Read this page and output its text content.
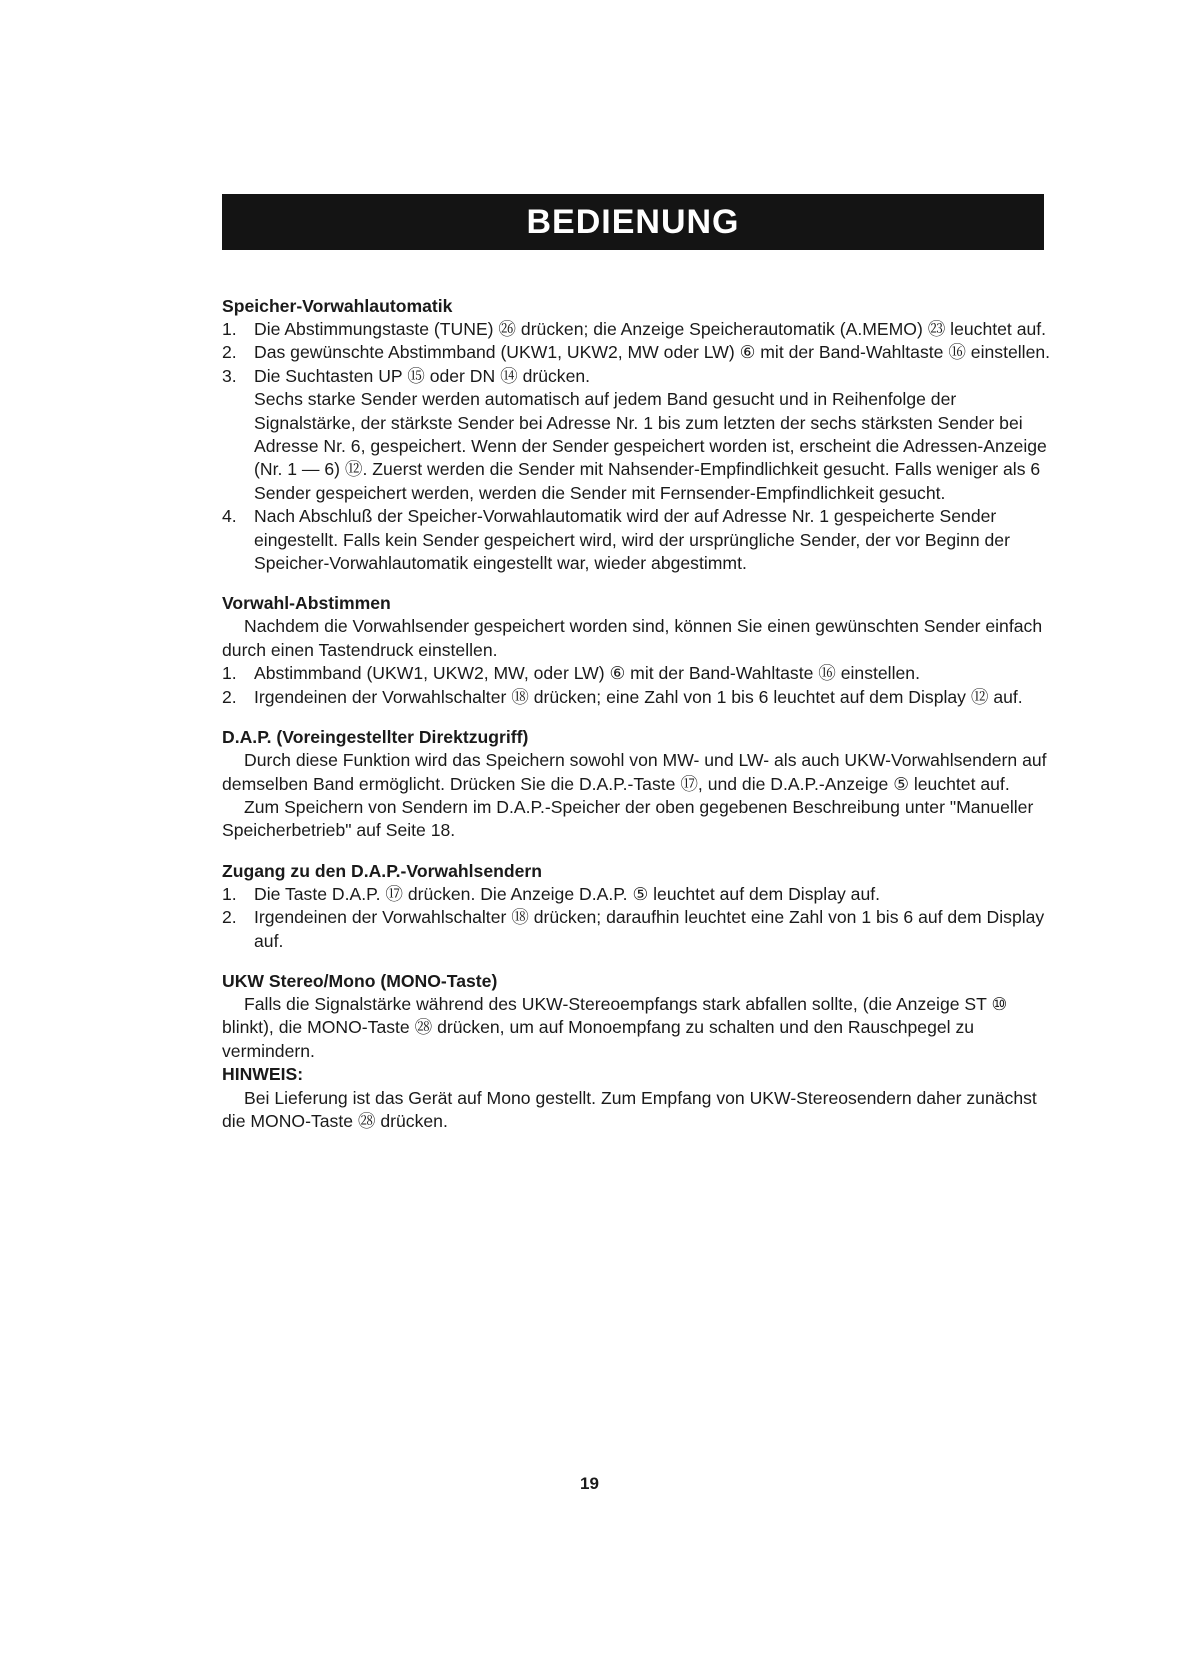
BEDIENUNG
Speicher-Vorwahlautomatik
1. Die Abstimmungstaste (TUNE) ㉖ drücken; die Anzeige Speicherautomatik (A.MEMO) ㉓ leuchtet auf.
2. Das gewünschte Abstimmband (UKW1, UKW2, MW oder LW) ⑥ mit der Band-Wahltaste ⑯ einstellen.
3. Die Suchtasten UP ⑮ oder DN ⑭ drücken.
Sechs starke Sender werden automatisch auf jedem Band gesucht und in Reihenfolge der Signalstärke, der stärkste Sender bei Adresse Nr. 1 bis zum letzten der sechs stärksten Sender bei Adresse Nr. 6, gespeichert. Wenn der Sender gespeichert worden ist, erscheint die Adressen-Anzeige (Nr. 1 — 6) ⑫. Zuerst werden die Sender mit Nahsender-Empfindlichkeit gesucht. Falls weniger als 6 Sender gespeichert werden, werden die Sender mit Fernsender-Empfindlichkeit gesucht.
4. Nach Abschluß der Speicher-Vorwahlautomatik wird der auf Adresse Nr. 1 gespeicherte Sender eingestellt. Falls kein Sender gespeichert wird, wird der ursprüngliche Sender, der vor Beginn der Speicher-Vorwahlautomatik eingestellt war, wieder abgestimmt.
Vorwahl-Abstimmen

Nachdem die Vorwahlsender gespeichert worden sind, können Sie einen gewünschten Sender einfach durch einen Tastendruck einstellen.

1. Abstimmband (UKW1, UKW2, MW, oder LW) ⑥ mit der Band-Wahltaste ⑯ einstellen.
2. Irgendeinen der Vorwahlschalter ⑱ drücken; eine Zahl von 1 bis 6 leuchtet auf dem Display ⑫ auf.
D.A.P. (Voreingestellter Direktzugriff)

Durch diese Funktion wird das Speichern sowohl von MW- und LW- als auch UKW-Vorwahlsendern auf demselben Band ermöglicht. Drücken Sie die D.A.P.-Taste ⑰, und die D.A.P.-Anzeige ⑤ leuchtet auf.

Zum Speichern von Sendern im D.A.P.-Speicher der oben gegebenen Beschreibung unter "Manueller Speicherbetrieb" auf Seite 18.

Zugang zu den D.A.P.-Vorwahlsendern
1. Die Taste D.A.P. ⑰ drücken. Die Anzeige D.A.P. ⑤ leuchtet auf dem Display auf.
2. Irgendeinen der Vorwahlschalter ⑱ drücken; daraufhin leuchtet eine Zahl von 1 bis 6 auf dem Display auf.
UKW Stereo/Mono (MONO-Taste)

Falls die Signalstärke während des UKW-Stereoempfangs stark abfallen sollte, (die Anzeige ST ⑩ blinkt), die MONO-Taste ㉘ drücken, um auf Monoempfang zu schalten und den Rauschpegel zu vermindern.

HINWEIS:

Bei Lieferung ist das Gerät auf Mono gestellt. Zum Empfang von UKW-Stereosendern daher zunächst die MONO-Taste ㉘ drücken.

19
